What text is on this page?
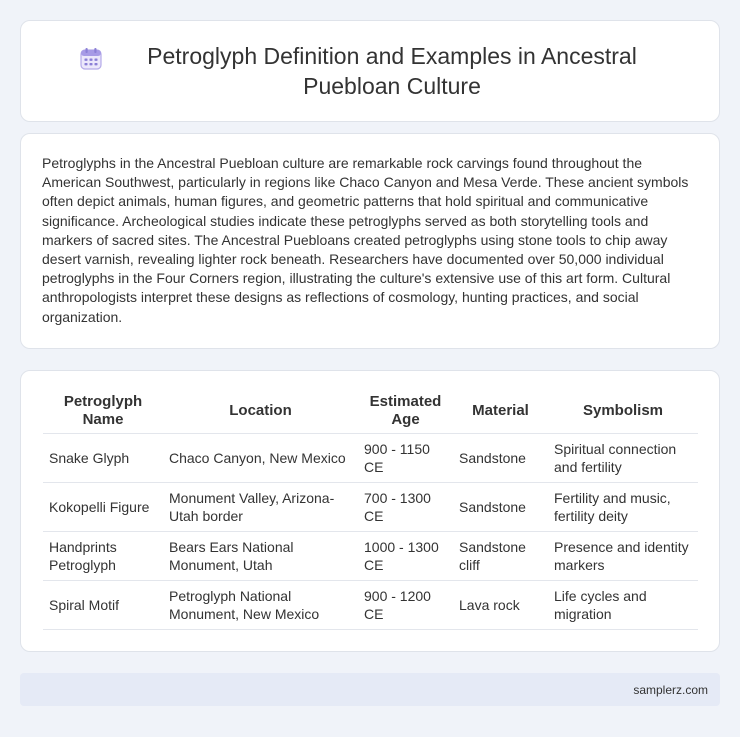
Petroglyph Definition and Examples in Ancestral Puebloan Culture

Petroglyphs in the Ancestral Puebloan culture are remarkable rock carvings found throughout the American Southwest, particularly in regions like Chaco Canyon and Mesa Verde. These ancient symbols often depict animals, human figures, and geometric patterns that hold spiritual and communicative significance. Archeological studies indicate these petroglyphs served as both storytelling tools and markers of sacred sites. The Ancestral Puebloans created petroglyphs using stone tools to chip away desert varnish, revealing lighter rock beneath. Researchers have documented over 50,000 individual petroglyphs in the Four Corners region, illustrating the culture's extensive use of this art form. Cultural anthropologists interpret these designs as reflections of cosmology, hunting practices, and social organization.

Petroglyph Name	Location	Estimated Age	Material	Symbolism
Snake Glyph	Chaco Canyon, New Mexico	900 - 1150 CE	Sandstone	Spiritual connection and fertility
Kokopelli Figure	Monument Valley, Arizona-Utah border	700 - 1300 CE	Sandstone	Fertility and music, fertility deity
Handprints Petroglyph	Bears Ears National Monument, Utah	1000 - 1300 CE	Sandstone cliff	Presence and identity markers
Spiral Motif	Petroglyph National Monument, New Mexico	900 - 1200 CE	Lava rock	Life cycles and migration
samplerz.com
